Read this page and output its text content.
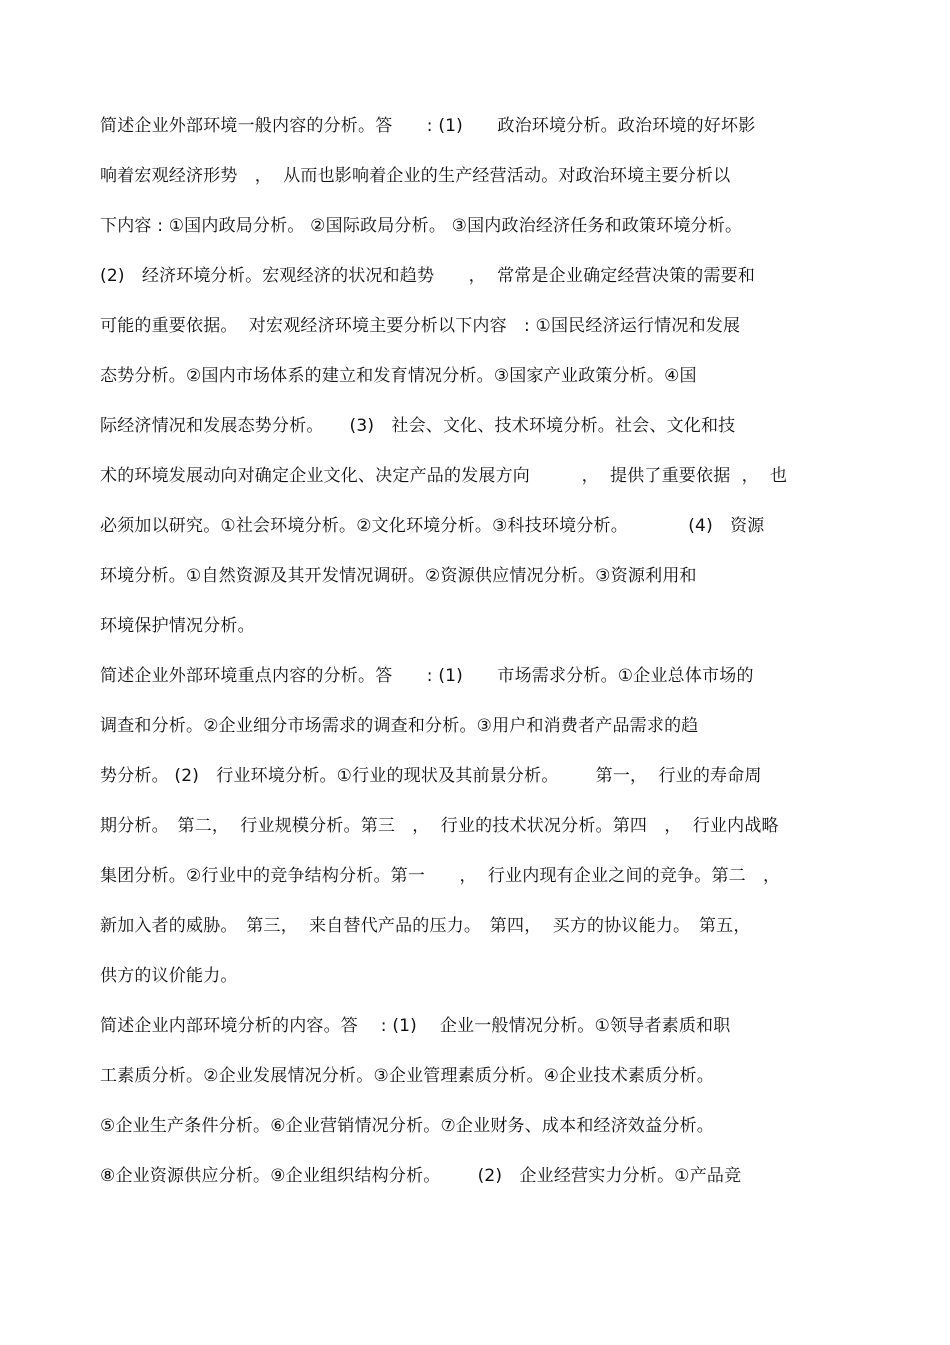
简述企业外部环境一般内容的分析。答　　: (1)　　政治环境分析。政治环境的好坏影
响着宏观经济形势　，  从而也影响着企业的生产经营活动。对政治环境主要分析以
下内容 : ①国内政局分析。 ②国际政局分析。 ③国内政治经济任务和政策环境分析。
(2)　经济环境分析。宏观经济的状况和趋势　　，  常常是企业确定经营决策的需要和
可能的重要依据。  对宏观经济环境主要分析以下内容　: ①国民经济运行情况和发展
态势分析。②国内市场体系的建立和发育情况分析。③国家产业政策分析。④国
际经济情况和发展态势分析。　　(3)　社会、文化、技术环境分析。社会、文化和技
术的环境发展动向对确定企业文化、决定产品的发展方向　　　，  提供了重要依据  ，  也
必须加以研究。①社会环境分析。②文化环境分析。③科技环境分析。　　　　(4)　资源
环境分析。①自然资源及其开发情况调研。②资源供应情况分析。③资源利用和
环境保护情况分析。
简述企业外部环境重点内容的分析。答　　: (1)　　市场需求分析。①企业总体市场的
调查和分析。②企业细分市场需求的调查和分析。③用户和消费者产品需求的趋
势分析。 (2)　行业环境分析。①行业的现状及其前景分析。　　  第一，  行业的寿命周
期分析。　第二，  行业规模分析。第三　，  行业的技术状况分析。第四　，  行业内战略
集团分析。②行业中的竞争结构分析。第一　　，  行业内现有企业之间的竞争。第二　，
新加入者的威胁。　第三，  来自替代产品的压力。　第四，  买方的协议能力。　第五，
供方的议价能力。
简述企业内部环境分析的内容。答　 : (1)　 企业一般情况分析。①领导者素质和职
工素质分析。②企业发展情况分析。③企业管理素质分析。④企业技术素质分析。
⑤企业生产条件分析。⑥企业营销情况分析。⑦企业财务、成本和经济效益分析。
⑧企业资源供应分析。⑨企业组织结构分析。　　  (2)　企业经营实力分析。①产品竞
